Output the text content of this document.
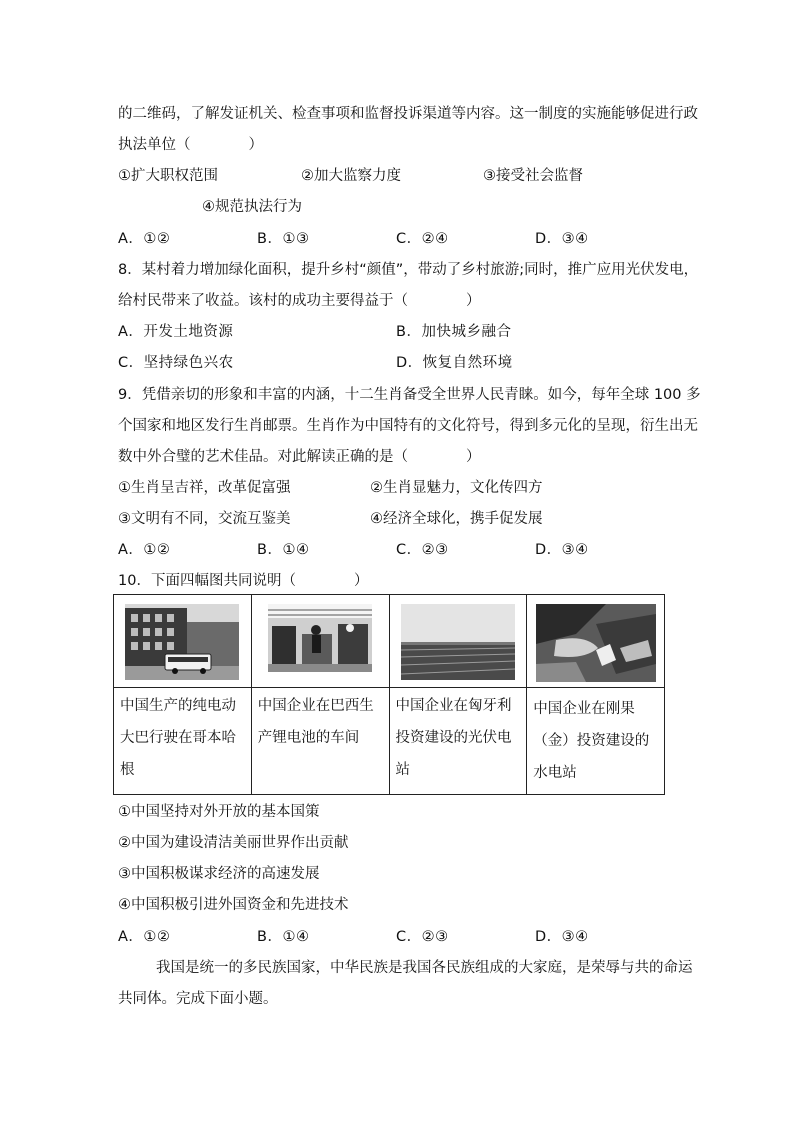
的二维码，了解发证机关、检查事项和监督投诉渠道等内容。这一制度的实施能够促进行政
执法单位（　　　　）
①扩大职权范围	②加大监察力度	③接受社会监督
④规范执法行为
A．①②	B．①③	C．②④	D．③④
8．某村着力增加绿化面积，提升乡村“颜值”，带动了乡村旅游;同时，推广应用光伏发电，
给村民带来了收益。该村的成功主要得益于（　　　　）
A．开发土地资源	B．加快城乡融合
C．坚持绿色兴农	D．恢复自然环境
9．凭借亲切的形象和丰富的内涵，十二生肖备受全世界人民青睐。如今，每年全球 100 多
个国家和地区发行生肖邮票。生肖作为中国特有的文化符号，得到多元化的呈现，衍生出无
数中外合璧的艺术佳品。对此解读正确的是（　　　　）
①生肖呈吉祥，改革促富强	②生肖显魅力，文化传四方
③文明有不同，交流互鉴美	④经济全球化，携手促发展
A．①②	B．①④	C．②③	D．③④
10．下面四幅图共同说明（　　　　）

中国生产的纯电动大巴行驶在哥本哈根	中国企业在巴西生产锂电池的车间	中国企业在匈牙利投资建设的光伏电站	中国企业在刚果（金）投资建设的水电站
①中国坚持对外开放的基本国策
②中国为建设清洁美丽世界作出贡献
③中国积极谋求经济的高速发展
④中国积极引进外国资金和先进技术
A．①②	B．①④	C．②③	D．③④
我国是统一的多民族国家，中华民族是我国各民族组成的大家庭，是荣辱与共的命运
共同体。完成下面小题。
